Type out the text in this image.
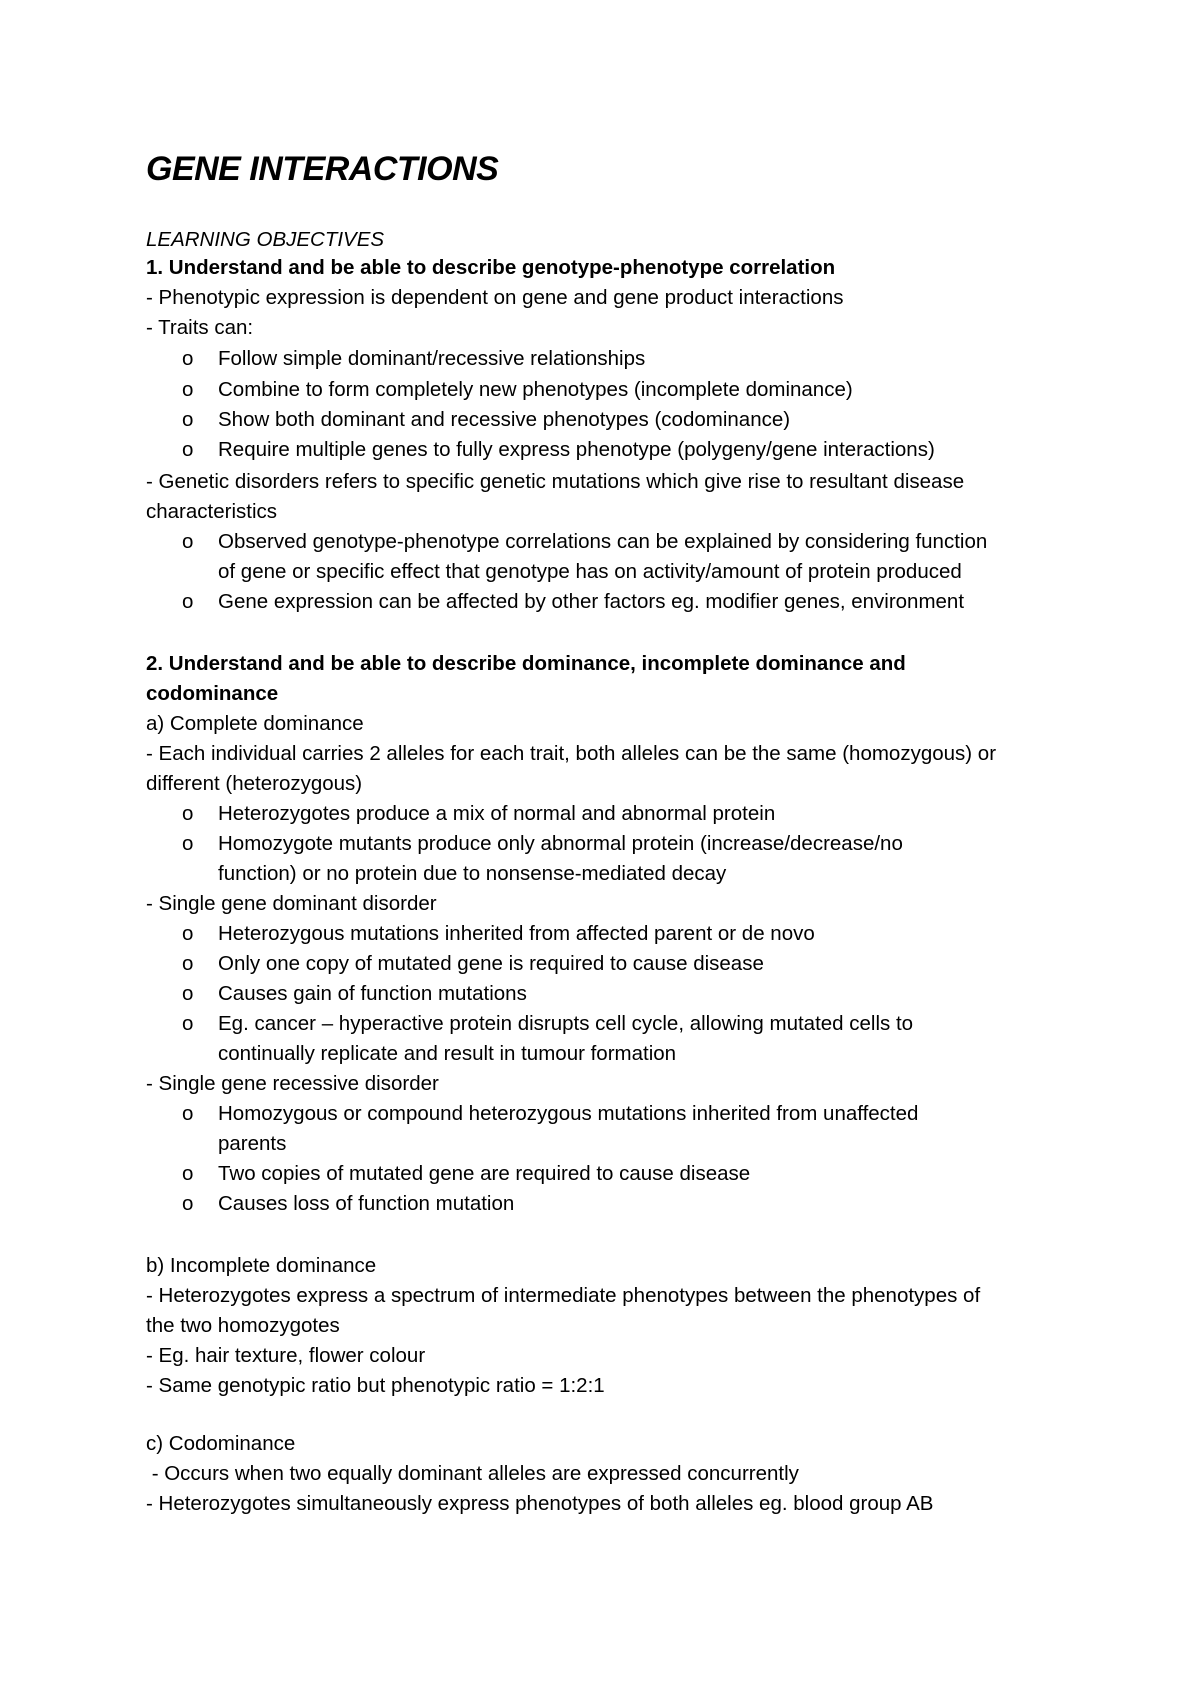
GENE INTERACTIONS
LEARNING OBJECTIVES
1. Understand and be able to describe genotype-phenotype correlation
- Phenotypic expression is dependent on gene and gene product interactions
- Traits can:
o Follow simple dominant/recessive relationships
o Combine to form completely new phenotypes (incomplete dominance)
o Show both dominant and recessive phenotypes (codominance)
o Require multiple genes to fully express phenotype (polygeny/gene interactions)
- Genetic disorders refers to specific genetic mutations which give rise to resultant disease
characteristics
o Observed genotype-phenotype correlations can be explained by considering function
of gene or specific effect that genotype has on activity/amount of protein produced
o Gene expression can be affected by other factors eg. modifier genes, environment
2. Understand and be able to describe dominance, incomplete dominance and
codominance
a) Complete dominance
- Each individual carries 2 alleles for each trait, both alleles can be the same (homozygous) or
different (heterozygous)
o Heterozygotes produce a mix of normal and abnormal protein
o Homozygote mutants produce only abnormal protein (increase/decrease/no
function) or no protein due to nonsense-mediated decay
- Single gene dominant disorder
o Heterozygous mutations inherited from affected parent or de novo
o Only one copy of mutated gene is required to cause disease
o Causes gain of function mutations
o Eg. cancer – hyperactive protein disrupts cell cycle, allowing mutated cells to
continually replicate and result in tumour formation
- Single gene recessive disorder
o Homozygous or compound heterozygous mutations inherited from unaffected
parents
o Two copies of mutated gene are required to cause disease
o Causes loss of function mutation
b) Incomplete dominance
- Heterozygotes express a spectrum of intermediate phenotypes between the phenotypes of
the two homozygotes
- Eg. hair texture, flower colour
- Same genotypic ratio but phenotypic ratio = 1:2:1
c) Codominance
- Occurs when two equally dominant alleles are expressed concurrently
- Heterozygotes simultaneously express phenotypes of both alleles eg. blood group AB
